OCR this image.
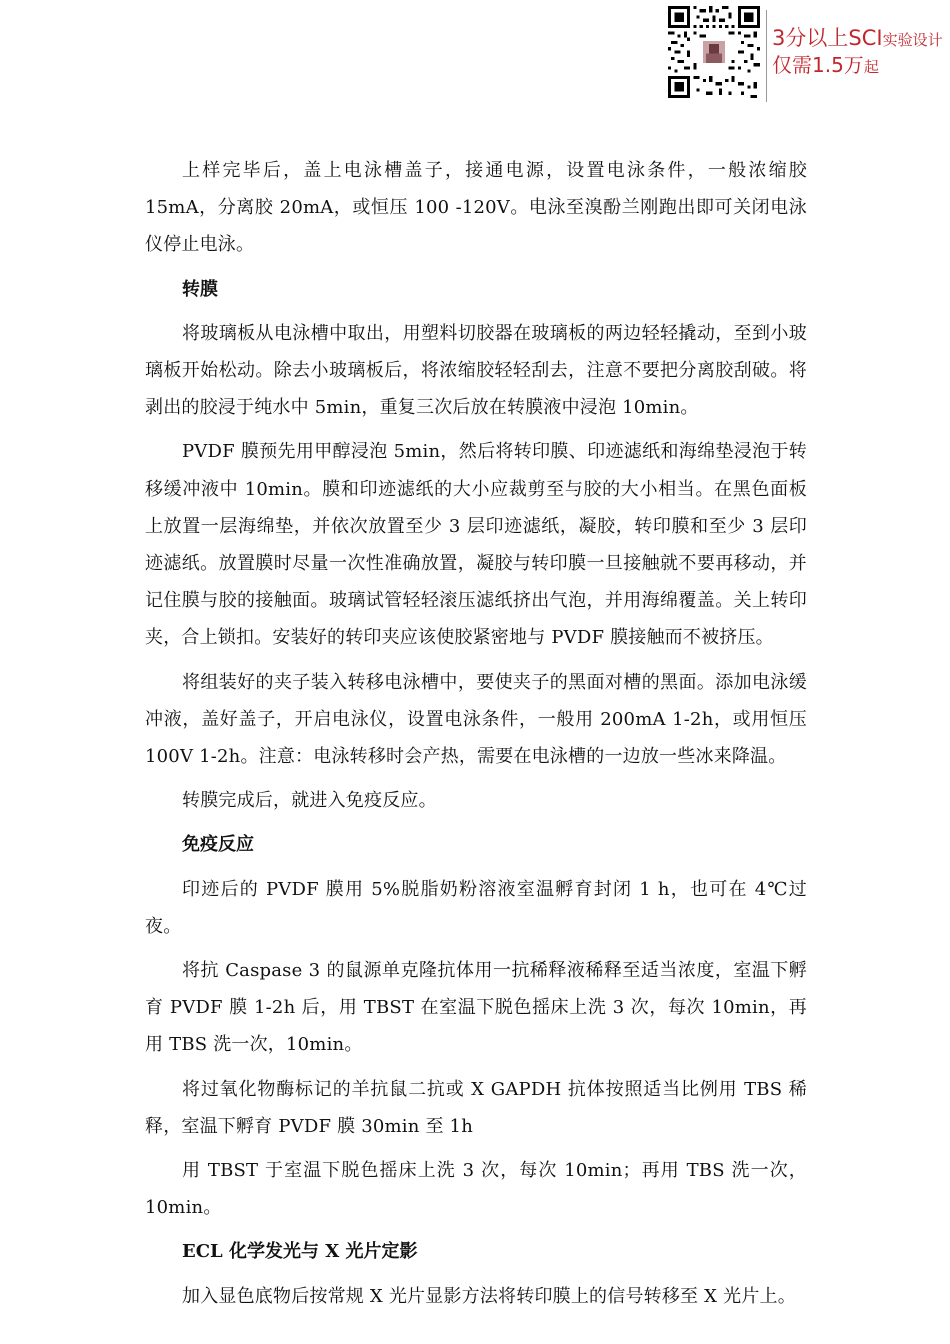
3分以上SCI实验设计
仅需1.5万起

上样完毕后，盖上电泳槽盖子，接通电源，设置电泳条件，一般浓缩胶 15mA，分离胶 20mA，或恒压 100 -120V。电泳至溴酚兰刚跑出即可关闭电泳仪停止电泳。

转膜

将玻璃板从电泳槽中取出，用塑料切胶器在玻璃板的两边轻轻撬动，至到小玻璃板开始松动。除去小玻璃板后，将浓缩胶轻轻刮去，注意不要把分离胶刮破。将剥出的胶浸于纯水中 5min，重复三次后放在转膜液中浸泡 10min。

PVDF 膜预先用甲醇浸泡 5min，然后将转印膜、印迹滤纸和海绵垫浸泡于转移缓冲液中 10min。膜和印迹滤纸的大小应裁剪至与胶的大小相当。在黑色面板上放置一层海绵垫，并依次放置至少 3 层印迹滤纸，凝胶，转印膜和至少 3 层印迹滤纸。放置膜时尽量一次性准确放置，凝胶与转印膜一旦接触就不要再移动，并记住膜与胶的接触面。玻璃试管轻轻滚压滤纸挤出气泡，并用海绵覆盖。关上转印夹，合上锁扣。安装好的转印夹应该使胶紧密地与 PVDF 膜接触而不被挤压。

将组装好的夹子装入转移电泳槽中，要使夹子的黑面对槽的黑面。添加电泳缓冲液，盖好盖子，开启电泳仪，设置电泳条件，一般用 200mA 1-2h，或用恒压 100V 1-2h。注意：电泳转移时会产热，需要在电泳槽的一边放一些冰来降温。

转膜完成后，就进入免疫反应。

免疫反应

印迹后的 PVDF 膜用 5%脱脂奶粉溶液室温孵育封闭 1 h，也可在 4℃过夜。

将抗 Caspase 3 的鼠源单克隆抗体用一抗稀释液稀释至适当浓度，室温下孵育 PVDF 膜 1-2h 后，用 TBST 在室温下脱色摇床上洗 3 次，每次 10min，再用 TBS 洗一次，10min。

将过氧化物酶标记的羊抗鼠二抗或 X GAPDH 抗体按照适当比例用 TBS 稀释，室温下孵育 PVDF 膜 30min 至 1h

用 TBST 于室温下脱色摇床上洗 3 次，每次 10min；再用 TBS 洗一次，10min。

ECL 化学发光与 X 光片定影

加入显色底物后按常规 X 光片显影方法将转印膜上的信号转移至 X 光片上。
